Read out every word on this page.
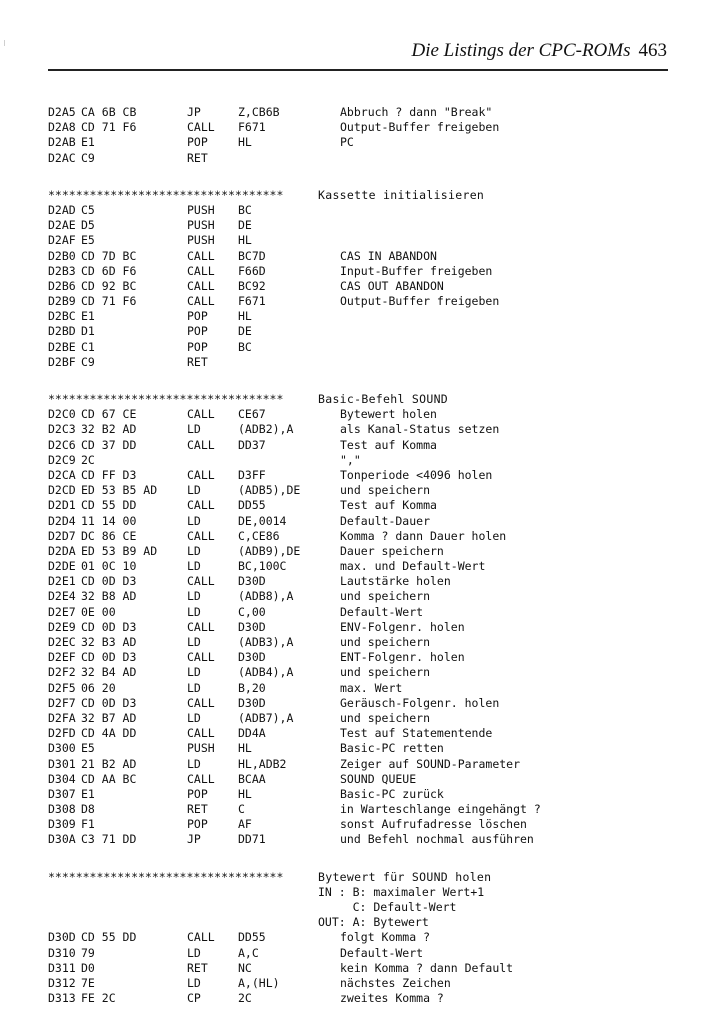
Die Listings der CPC-ROMs 463
D2A5 CA 6B CB	JP	Z,CB6B	Abbruch ? dann "Break"
D2A8 CD 71 F6	CALL F671	Output-Buffer freigeben
D2AB E1	POP	HL	PC
D2AC C9	RET
**********************************	Kassette initialisieren
D2AD C5	PUSH BC
D2AE D5	PUSH DE
D2AF E5	PUSH HL
D2B0 CD 7D BC	CALL BC7D	CAS IN ABANDON
D2B3 CD 6D F6	CALL F66D	Input-Buffer freigeben
D2B6 CD 92 BC	CALL BC92	CAS OUT ABANDON
D2B9 CD 71 F6	CALL F671	Output-Buffer freigeben
D2BC E1	POP	HL
D2BD D1	POP	DE
D2BE C1	POP	BC
D2BF C9	RET
**********************************	Basic-Befehl SOUND
D2C0 CD 67 CE	CALL CE67	Bytewert holen
D2C3 32 B2 AD	LD	(ADB2),A	als Kanal-Status setzen
D2C6 CD 37 DD	CALL DD37	Test auf Komma
D2C9 2C	","
D2CA CD FF D3	CALL D3FF	Tonperiode <4096 holen
D2CD ED 53 B5 AD	LD	(ADB5),DE	und speichern
D2D1 CD 55 DD	CALL DD55	Test auf Komma
D2D4 11 14 00	LD	DE,0014	Default-Dauer
D2D7 DC 86 CE	CALL C,CE86	Komma ? dann Dauer holen
D2DA ED 53 B9 AD	LD	(ADB9),DE	Dauer speichern
D2DE 01 0C 10	LD	BC,100C	max. und Default-Wert
D2E1 CD 0D D3	CALL D30D	Lautstärke holen
D2E4 32 B8 AD	LD	(ADB8),A	und speichern
D2E7 0E 00	LD	C,00	Default-Wert
D2E9 CD 0D D3	CALL D30D	ENV-Folgenr. holen
D2EC 32 B3 AD	LD	(ADB3),A	und speichern
D2EF CD 0D D3	CALL D30D	ENT-Folgenr. holen
D2F2 32 B4 AD	LD	(ADB4),A	und speichern
D2F5 06 20	LD	B,20	max. Wert
D2F7 CD 0D D3	CALL D30D	Geräusch-Folgenr. holen
D2FA 32 B7 AD	LD	(ADB7),A	und speichern
D2FD CD 4A DD	CALL DD4A	Test auf Statementende
D300 E5	PUSH HL	Basic-PC retten
D301 21 B2 AD	LD	HL,ADB2	Zeiger auf SOUND-Parameter
D304 CD AA BC	CALL BCAA	SOUND QUEUE
D307 E1	POP	HL	Basic-PC zurück
D308 D8	RET	C	in Warteschlange eingehängt ?
D309 F1	POP	AF	sonst Aufrufadresse löschen
D30A C3 71 DD	JP	DD71	und Befehl nochmal ausführen
**********************************	Bytewert für SOUND holen
IN : B: maximaler Wert+1
C: Default-Wert
OUT: A: Bytewert
D30D CD 55 DD	CALL DD55	folgt Komma ?
D310 79	LD	A,C	Default-Wert
D311 D0	RET	NC	kein Komma ? dann Default
D312 7E	LD	A,(HL)	nächstes Zeichen
D313 FE 2C	CP	2C	zweites Komma ?
